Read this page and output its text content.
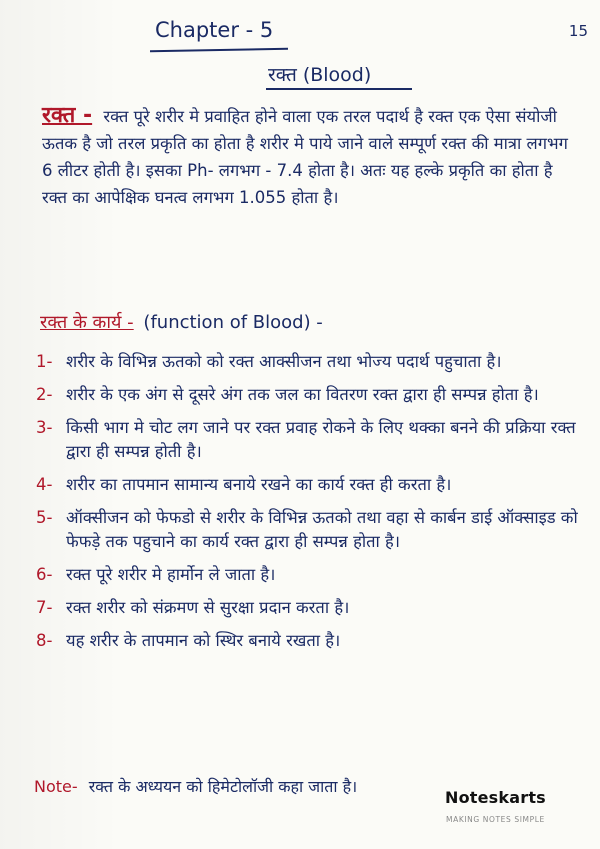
15
Chapter - 5
रक्त (Blood)
रक्त - रक्त पूरे शरीर मे प्रवाहित होने वाला एक तरल पदार्थ है रक्त एक ऐसा संयोजी ऊतक है जो तरल प्रकृति का होता है शरीर मे पाये जाने वाले सम्पूर्ण रक्त की मात्रा लगभग 6 लीटर होती है। इसका Ph- लगभग - 7.4 होता है। अतः यह हल्के प्रकृति का होता है रक्त का आपेक्षिक घनत्व लगभग 1.055 होता है।
रक्त के कार्य - (function of Blood) -
1- शरीर के विभिन्न ऊतको को रक्त आक्सीजन तथा भोज्य पदार्थ पहुचाता है।
2- शरीर के एक अंग से दूसरे अंग तक जल का वितरण रक्त द्वारा ही सम्पन्न होता है।
3- किसी भाग मे चोट लग जाने पर रक्त प्रवाह रोकने के लिए थक्का बनने की प्रक्रिया रक्त द्वारा ही सम्पन्न होती है।
4- शरीर का तापमान सामान्य बनाये रखने का कार्य रक्त ही करता है।
5- ऑक्सीजन को फेफडो से शरीर के विभिन्न ऊतको तथा वहा से कार्बन डाई ऑक्साइड को फेफड़े तक पहुचाने का कार्य रक्त द्वारा ही सम्पन्न होता है।
6- रक्त पूरे शरीर मे हार्मोन ले जाता है।
7- रक्त शरीर को संक्रमण से सुरक्षा प्रदान करता है।
8- यह शरीर के तापमान को स्थिर बनाये रखता है।
Note- रक्त के अध्ययन को हिमेटोलॉजी कहा जाता है।
Noteskarts
MAKING NOTES SIMPLE
